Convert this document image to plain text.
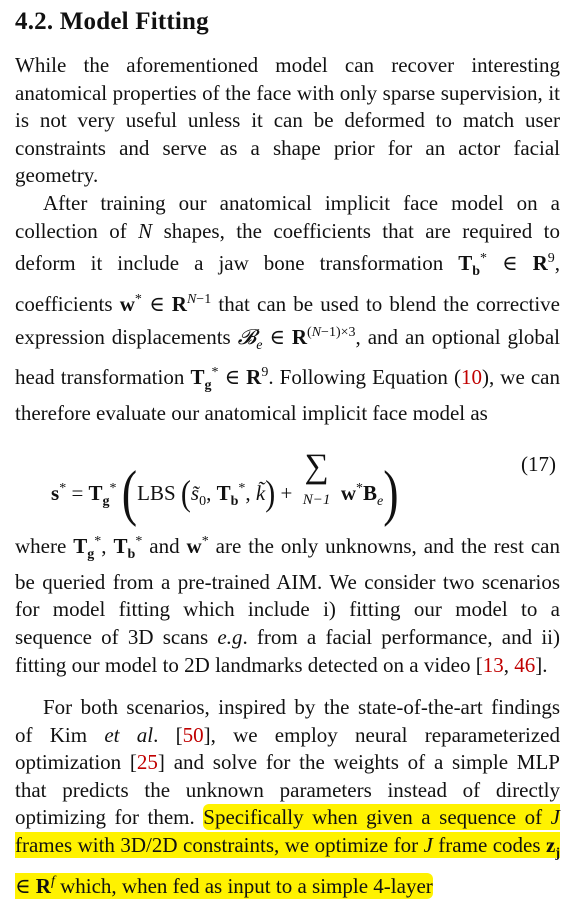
4.2. Model Fitting
While the aforementioned model can recover interesting anatomical properties of the face with only sparse supervision, it is not very useful unless it can be deformed to match user constraints and serve as a shape prior for an actor facial geometry.
After training our anatomical implicit face model on a collection of N shapes, the coefficients that are required to deform it include a jaw bone transformation $T_b^*$ ∈ $R^9$, coefficients w* ∈ $R^{N-1}$ that can be used to blend the corrective expression displacements 𝓑$_e$ ∈ $R^{(N-1)\times 3}$, and an optional global head transformation $T_g^*$ ∈ $R^9$. Following Equation (10), we can therefore evaluate our anatomical implicit face model as
$s^* = T_g^*$ (LBS ($s̃_0$, $T_b^*$, k̃) +
∑
N−1 $w^*B_e$)	(17)
where $T_g^*$, $T_b^*$ and w* are the only unknowns, and the rest can be queried from a pre-trained AIM. We consider two scenarios for model fitting which include i) fitting our model to a sequence of 3D scans e.g. from a facial performance, and ii) fitting our model to 2D landmarks detected on a video [13, 46].
For both scenarios, inspired by the state-of-the-art findings of Kim et al. [50], we employ neural reparameterized optimization [25] and solve for the weights of a simple MLP that predicts the unknown parameters instead of directly optimizing for them. Specifically when given a sequence of J frames with 3D/2D constraints, we optimize for J frame codes $z_j$ ∈ $R^f$ which, when fed as input to a simple 4-layer
